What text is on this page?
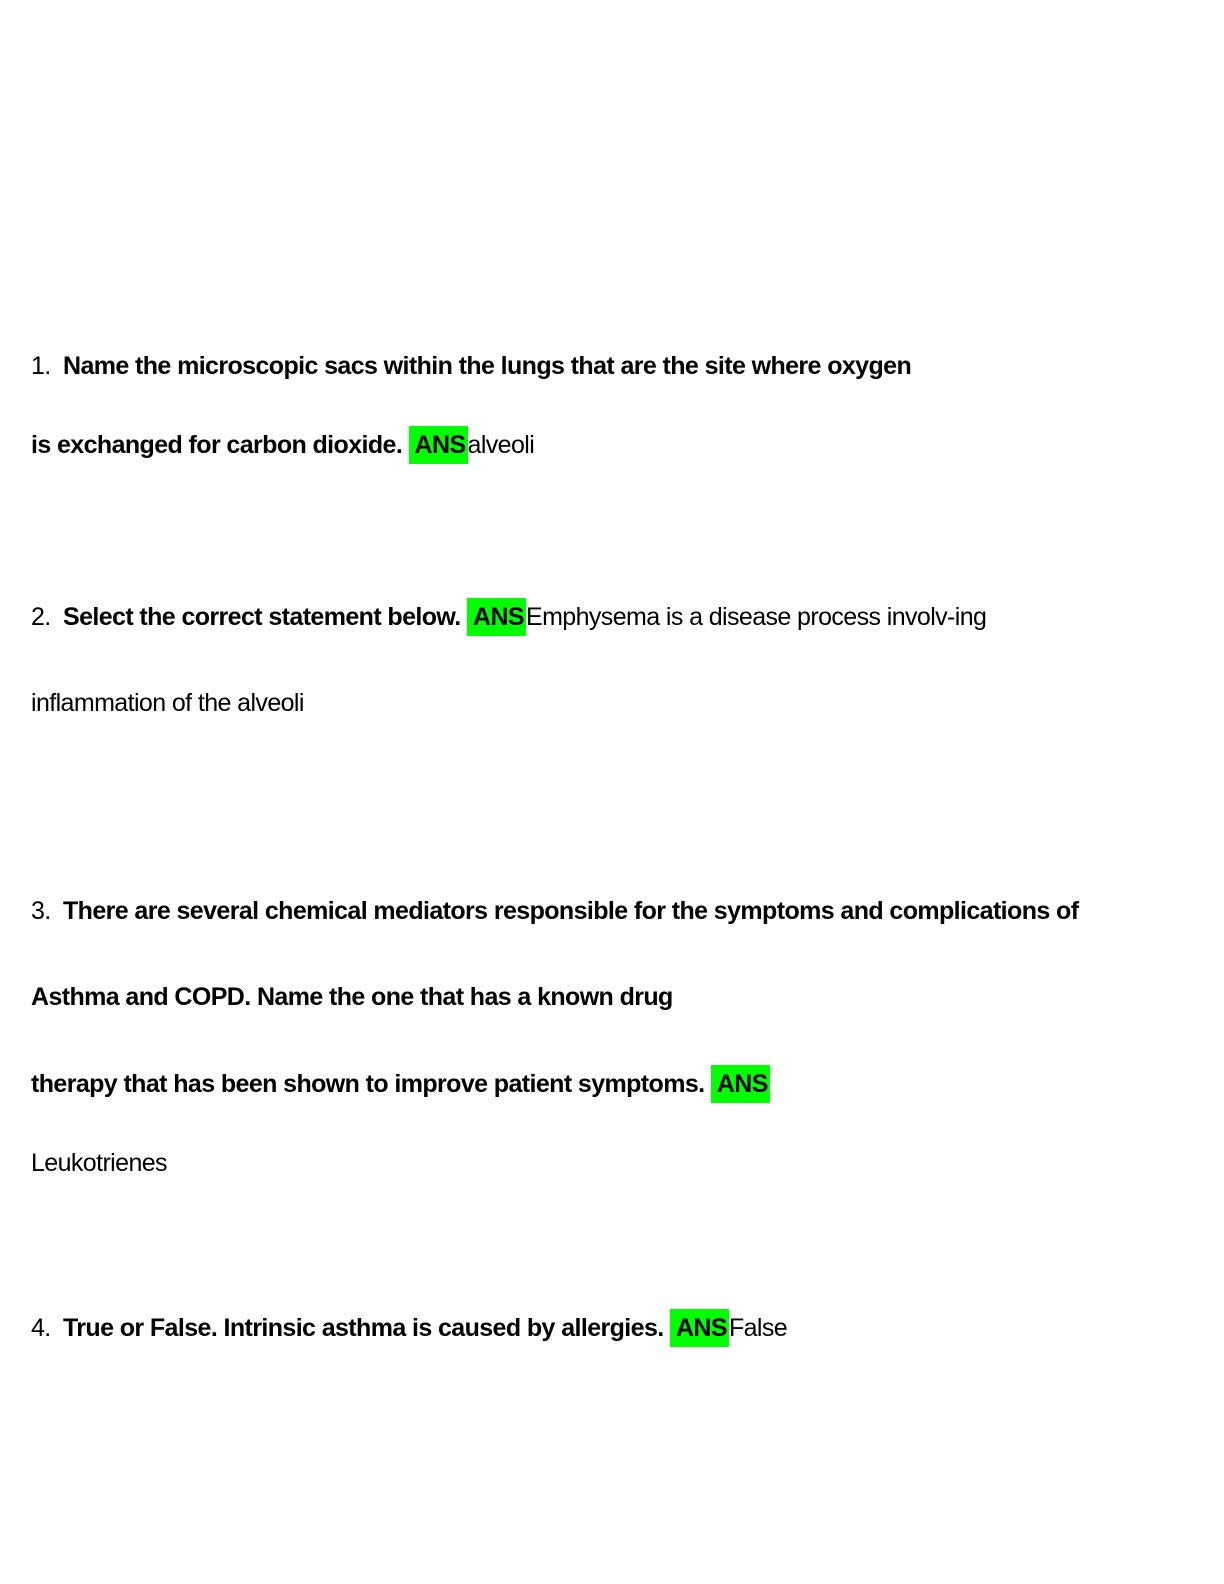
1. Name the microscopic sacs within the lungs that are the site where oxygen
is exchanged for carbon dioxide. ANSalveoli
2. Select the correct statement below. ANSEmphysema is a disease process involv-ing
inflammation of the alveoli
3. There are several chemical mediators responsible for the symptoms and complications of
Asthma and COPD. Name the one that has a known drug
therapy that has been shown to improve patient symptoms. ANS
Leukotrienes
4. True or False. Intrinsic asthma is caused by allergies. ANSFalse
